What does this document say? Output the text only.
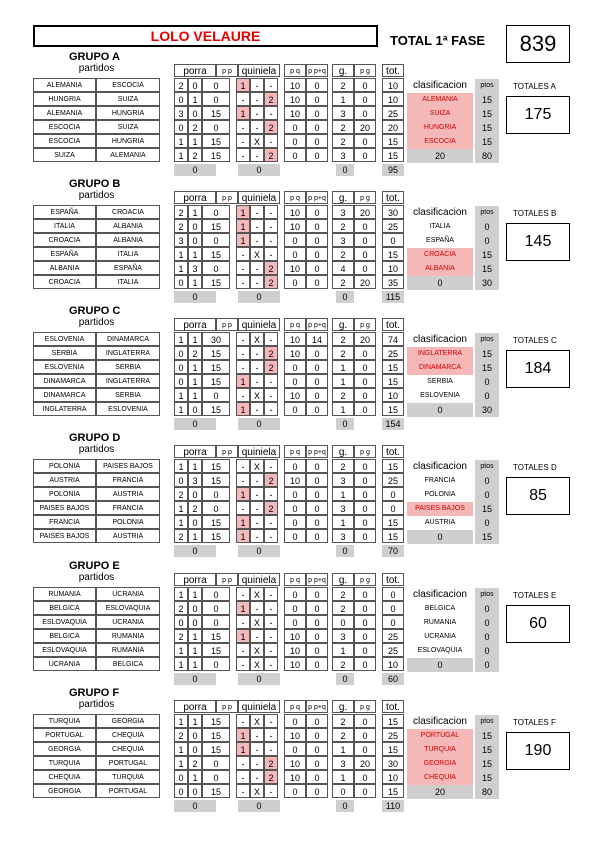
LOLO VELAURE	TOTAL 1ª FASE	839
GRUPO A
partidos	porra	p p quiniela	p q	p p+q	g.	p g	tot.
ALEMANIA	ESCOCIA	2 0	0	1	-	-	10	0	2	0	10
HUNGRIA	SUIZA	0 1	0	-	-	2	10	0	1	0	10
ALEMANIA	HUNGRIA	3 0	15	1	-	-	10	0	3	0	25
ESCOCIA	SUIZA	0 2	0	-	-	2	0	0	2	20	20
ESCOCIA	HUNGRIA	1 1	15	-	X	-	0	0	2	0	15
SUIZA	ALEMANIA	1 2	15	-	-	2	0	0	3	0	15
0	0	0	95
clasificacion	ptos
ALEMANIA	15
SUIZA	15
HUNGRIA	15
ESCOCIA	15
20	80
TOTALES A
175
GRUPO B
partidos	porra	p p quiniela	p q	p p+q	g.	p g	tot.
ESPAÑA	CROACIA	2 1	0	1	-	-	10	0	3	20	30
ITALIA	ALBANIA	2 0	15	1	-	-	10	0	2	0	25
CROACIA	ALBANIA	3 0	0	1	-	-	0	0	3	0	0
ESPAÑA	ITALIA	1 1	15	-	X	-	0	0	2	0	15
ALBANIA	ESPAÑA	1 3	0	-	-	2	10	0	4	0	10
CROACIA	ITALIA	0 1	15	-	-	2	0	0	2	20	35
0	0	0	115
clasificacion	ptos
ITALIA	0
ESPAÑA	0
CROACIA	15
ALBANIA	15
0	30
TOTALES B
145
GRUPO C
partidos	porra	p p quiniela	p q	p p+q	g.	p g	tot.
ESLOVENIA	DINAMARCA	1 1	30	-	X	-	10	14	2	20	74
SERBIA	INGLATERRA	0 2	15	-	-	2	10	0	2	0	25
ESLOVENIA	SERBIA	0 1	15	-	-	2	0	0	1	0	15
DINAMARCA	INGLATERRA	0 1	15	1	-	-	0	0	1	0	15
DINAMARCA	SERBIA	1 1	0	-	X	-	10	0	2	0	10
INGLATERRA	ESLOVENIA	1 0	15	1	-	-	0	0	1	0	15
0	0	0	154
clasificacion	ptos
INGLATERRA	15
DINAMARCA	15
SERBIA	0
ESLOVENIA	0
0	30
TOTALES C
184
GRUPO D
partidos	porra	p p quiniela	p q	p p+q	g.	p g	tot.
POLONIA	PAISES BAJOS	1 1	15	-	X	-	0	0	2	0	15
AUSTRIA	FRANCIA	0 3	15	-	-	2	10	0	3	0	25
POLONIA	AUSTRIA	2 0	0	1	-	-	0	0	1	0	0
PAISES BAJOS	FRANCIA	1 2	0	-	-	2	0	0	3	0	0
FRANCIA	POLONIA	1 0	15	1	-	-	0	0	1	0	15
PAISES BAJOS	AUSTRIA	2 1	15	1	-	-	0	0	3	0	15
0	0	0	70
clasificacion	ptos
FRANCIA	0
POLONIA	0
PAISES BAJOS	15
AUSTRIA	0
0	15
TOTALES D
85
GRUPO E
partidos	porra	p p quiniela	p q	p p+q	g.	p g	tot.
RUMANIA	UCRANIA	1 1	0	-	X	-	0	0	2	0	0
BELGICA	ESLOVAQUIA	2 0	0	1	-	-	0	0	2	0	0
ESLOVAQUIA	UCRANIA	0 0	0	-	X	-	0	0	0	0	0
BELGICA	RUMANIA	2 1	15	1	-	-	10	0	3	0	25
ESLOVAQUIA	RUMANIA	1 1	15	-	X	-	10	0	1	0	25
UCRANIA	BELGICA	1 1	0	-	X	-	10	0	2	0	10
0	0	0	60
clasificacion	ptos
BELGICA	0
RUMANIA	0
UCRANIA	0
ESLOVAQUIA	0
0	0
TOTALES E
60
GRUPO F
partidos	porra	p p quiniela	p q	p p+q	g.	p g	tot.
TURQUIA	GEORGIA	1 1	15	-	X	-	0	0	2	0	15
PORTUGAL	CHEQUIA	2 0	15	1	-	-	10	0	2	0	25
GEORGIA	CHEQUIA	1 0	15	1	-	-	0	0	1	0	15
TURQUIA	PORTUGAL	1 2	0	-	-	2	10	0	3	20	30
CHEQUIA	TURQUIA	0 1	0	-	-	2	10	0	1	0	10
GEORGIA	PORTUGAL	0 0	15	-	X	-	0	0	0	0	15
0	0	0	110
clasificacion	ptos
PORTUGAL	15
TURQUIA	15
GEORGIA	15
CHEQUIA	15
20	80
TOTALES F
190
